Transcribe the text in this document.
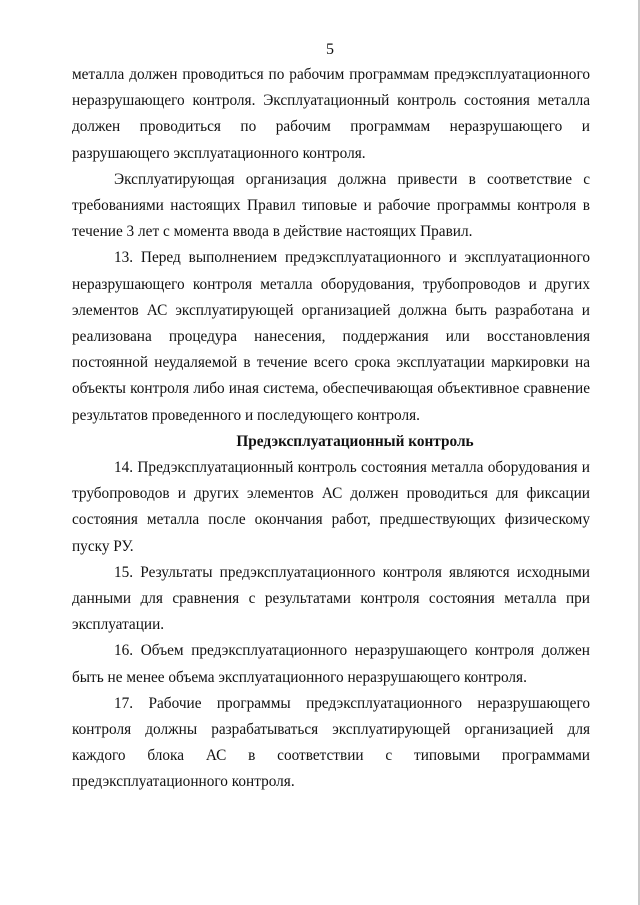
5

металла должен проводиться по рабочим программам предэксплуатационного неразрушающего контроля. Эксплуатационный контроль состояния металла должен проводиться по рабочим программам неразрушающего и разрушающего эксплуатационного контроля.

Эксплуатирующая организация должна привести в соответствие с требованиями настоящих Правил типовые и рабочие программы контроля в течение 3 лет с момента ввода в действие настоящих Правил.

13. Перед выполнением предэксплуатационного и эксплуатационного неразрушающего контроля металла оборудования, трубопроводов и других элементов АС эксплуатирующей организацией должна быть разработана и реализована процедура нанесения, поддержания или восстановления постоянной неудаляемой в течение всего срока эксплуатации маркировки на объекты контроля либо иная система, обеспечивающая объективное сравнение результатов проведенного и последующего контроля.

Предэксплуатационный контроль

14. Предэксплуатационный контроль состояния металла оборудования и трубопроводов и других элементов АС должен проводиться для фиксации состояния металла после окончания работ, предшествующих физическому пуску РУ.

15. Результаты предэксплуатационного контроля являются исходными данными для сравнения с результатами контроля состояния металла при эксплуатации.

16. Объем предэксплуатационного неразрушающего контроля должен быть не менее объема эксплуатационного неразрушающего контроля.

17. Рабочие программы предэксплуатационного неразрушающего контроля должны разрабатываться эксплуатирующей организацией для каждого блока АС в соответствии с типовыми программами предэксплуатационного контроля.
